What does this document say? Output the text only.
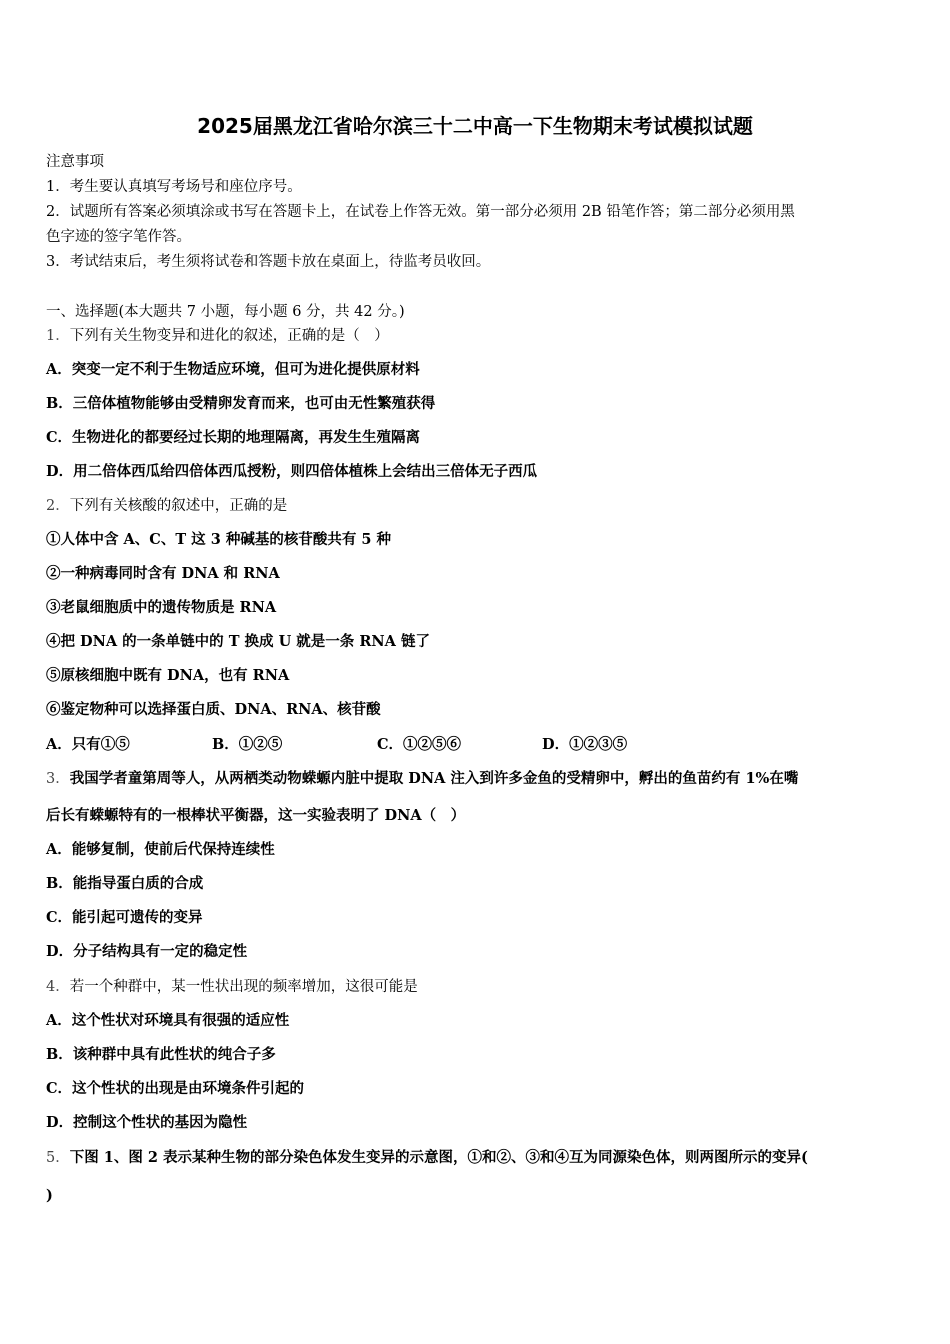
2025届黑龙江省哈尔滨三十二中高一下生物期末考试模拟试题
注意事项
1．考生要认真填写考场号和座位序号。
2．试题所有答案必须填涂或书写在答题卡上，在试卷上作答无效。第一部分必须用 2B 铅笔作答；第二部分必须用黑
色字迹的签字笔作答。
3．考试结束后，考生须将试卷和答题卡放在桌面上，待监考员收回。
一、选择题(本大题共 7 小题，每小题 6 分，共 42 分。)
1．下列有关生物变异和进化的叙述，正确的是（　）
A．突变一定不利于生物适应环境，但可为进化提供原材料
B．三倍体植物能够由受精卵发育而来，也可由无性繁殖获得
C．生物进化的都要经过长期的地理隔离，再发生生殖隔离
D．用二倍体西瓜给四倍体西瓜授粉，则四倍体植株上会结出三倍体无子西瓜
2．下列有关核酸的叙述中，正确的是
①人体中含 A、C、T 这 3 种碱基的核苷酸共有 5 种
②一种病毒同时含有 DNA 和 RNA
③老鼠细胞质中的遗传物质是 RNA
④把 DNA 的一条单链中的 T 换成 U 就是一条 RNA 链了
⑤原核细胞中既有 DNA，也有 RNA
⑥鉴定物种可以选择蛋白质、DNA、RNA、核苷酸
A．只有①⑤	B．①②⑤	C．①②⑤⑥	D．①②③⑤
3．我国学者童第周等人，从两栖类动物蝾螈内脏中提取 DNA 注入到许多金鱼的受精卵中，孵出的鱼苗约有 1%在嘴
后长有蝾螈特有的一根棒状平衡器，这一实验表明了 DNA（　）
A．能够复制，使前后代保持连续性
B．能指导蛋白质的合成
C．能引起可遗传的变异
D．分子结构具有一定的稳定性
4．若一个种群中，某一性状出现的频率增加，这很可能是
A．这个性状对环境具有很强的适应性
B．该种群中具有此性状的纯合子多
C．这个性状的出现是由环境条件引起的
D．控制这个性状的基因为隐性
5．下图 1、图 2 表示某种生物的部分染色体发生变异的示意图，①和②、③和④互为同源染色体，则两图所示的变异(
)
